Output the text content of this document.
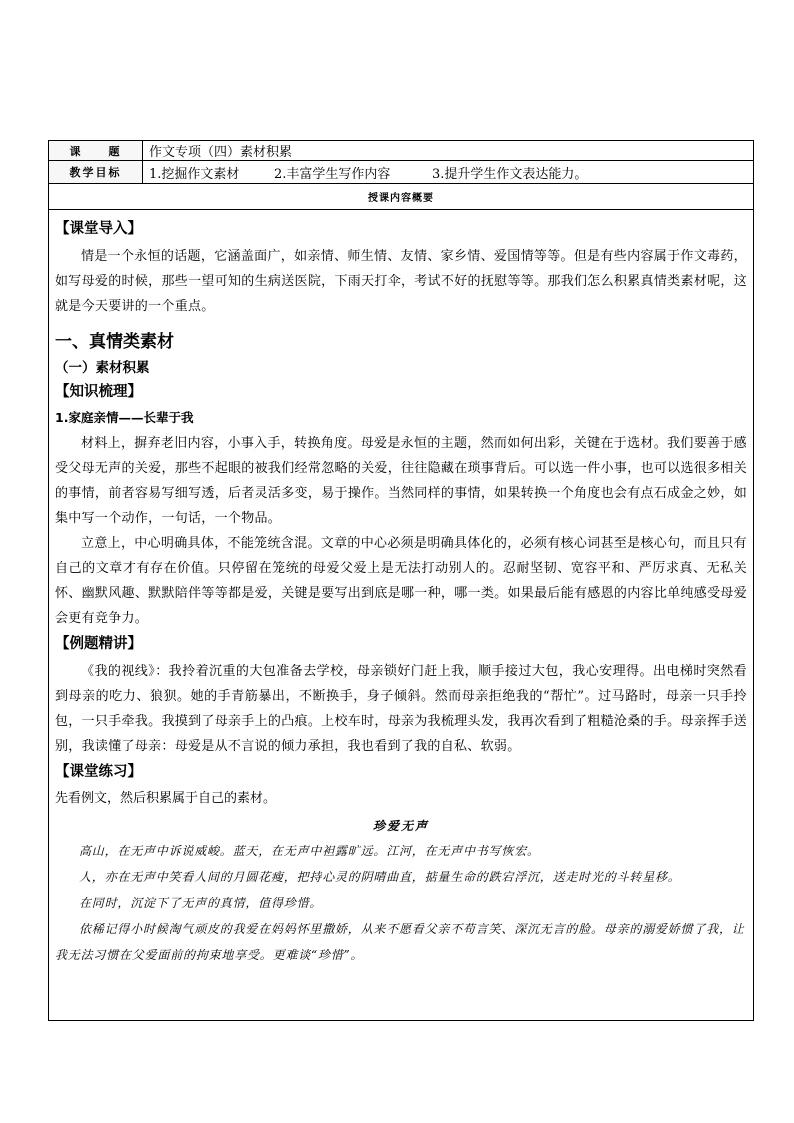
课　　题	作文专项（四）素材积累
教学目标	1.挖掘作文素材	2.丰富学生写作内容	3.提升学生作文表达能力。
授课内容概要
【课堂导入】

情是一个永恒的话题，它涵盖面广，如亲情、师生情、友情、家乡情、爱国情等等。但是有些内容属于作文毒药，如写母爱的时候，那些一望可知的生病送医院，下雨天打伞，考试不好的抚慰等等。那我们怎么积累真情类素材呢，这就是今天要讲的一个重点。

一、真情类素材
（一）素材积累
【知识梳理】
1.家庭亲情——长辈于我

材料上，摒弃老旧内容，小事入手，转换角度。母爱是永恒的主题，然而如何出彩，关键在于选材。我们要善于感受父母无声的关爱，那些不起眼的被我们经常忽略的关爱，往往隐藏在琐事背后。可以选一件小事，也可以选很多相关的事情，前者容易写细写透，后者灵活多变，易于操作。当然同样的事情，如果转换一个角度也会有点石成金之妙，如集中写一个动作，一句话，一个物品。

立意上，中心明确具体，不能笼统含混。文章的中心必须是明确具体化的，必须有核心词甚至是核心句，而且只有自己的文章才有存在价值。只停留在笼统的母爱父爱上是无法打动别人的。忍耐坚韧、宽容平和、严厉求真、无私关怀、幽默风趣、默默陪伴等等都是爱，关键是要写出到底是哪一种，哪一类。如果最后能有感恩的内容比单纯感受母爱会更有竞争力。

【例题精讲】

《我的视线》：我拎着沉重的大包准备去学校，母亲锁好门赶上我，顺手接过大包，我心安理得。出电梯时突然看到母亲的吃力、狼狈。她的手青筋暴出，不断换手，身子倾斜。然而母亲拒绝我的“帮忙”。过马路时，母亲一只手拎包，一只手牵我。我摸到了母亲手上的凸痕。上校车时，母亲为我梳理头发，我再次看到了粗糙沧桑的手。母亲挥手送别，我读懂了母亲：母爱是从不言说的倾力承担，我也看到了我的自私、软弱。

【课堂练习】

先看例文，然后积累属于自己的素材。

珍爱无声

高山，在无声中诉说威峻。蓝天，在无声中袒露旷远。江河，在无声中书写恢宏。

人，亦在无声中笑看人间的月圆花瘦，把持心灵的阴晴曲直，掂量生命的跌宕浮沉，送走时光的斗转星移。

在同时，沉淀下了无声的真情，值得珍惜。

依稀记得小时候淘气顽皮的我爱在妈妈怀里撒娇，从来不愿看父亲不苟言笑、深沉无言的脸。母亲的溺爱娇惯了我，让我无法习惯在父爱面前的拘束地享受。更难谈“珍惜”。
